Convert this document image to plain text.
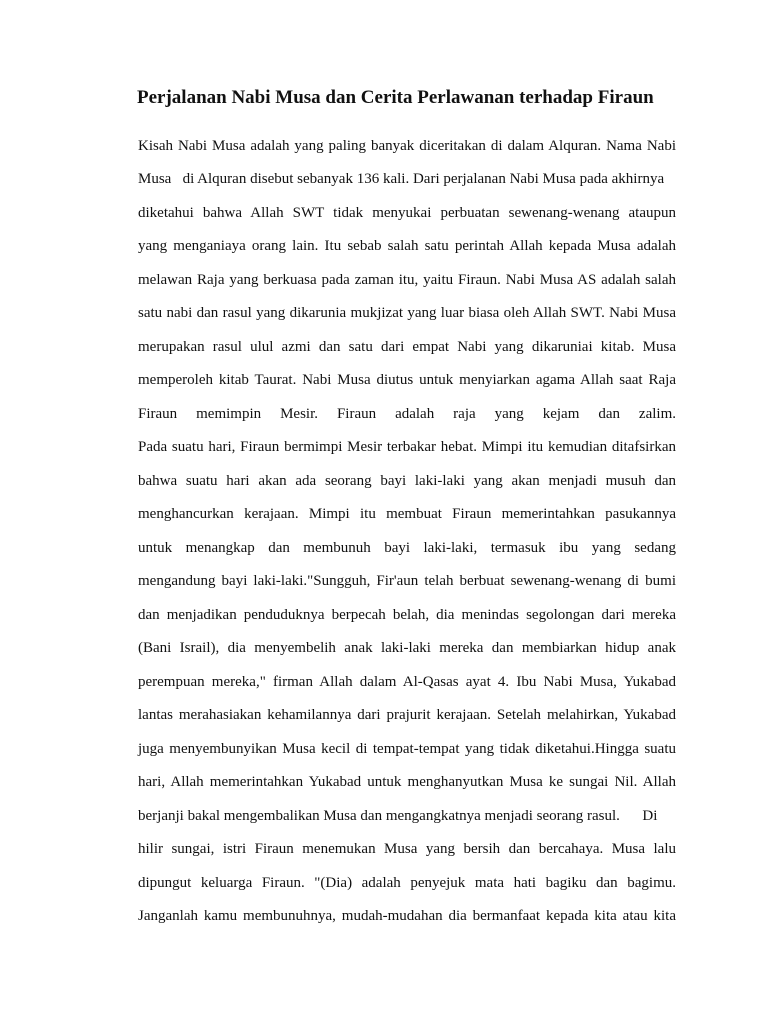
Perjalanan Nabi Musa dan Cerita Perlawanan terhadap Firaun
Kisah Nabi Musa adalah yang paling banyak diceritakan di dalam Alquran. Nama Nabi
Musa   di Alquran disebut sebanyak 136 kali. Dari perjalanan Nabi Musa pada akhirnya
diketahui bahwa Allah SWT tidak menyukai perbuatan sewenang-wenang ataupun
yang menganiaya orang lain. Itu sebab salah satu perintah Allah kepada Musa adalah
melawan Raja yang berkuasa pada zaman itu, yaitu Firaun. Nabi Musa AS adalah salah
satu nabi dan rasul yang dikarunia mukjizat yang luar biasa oleh Allah SWT. Nabi Musa
merupakan rasul ulul azmi dan satu dari empat Nabi yang dikaruniai kitab. Musa
memperoleh kitab Taurat. Nabi Musa diutus untuk menyiarkan agama Allah saat Raja
Firaun memimpin Mesir. Firaun adalah raja yang kejam dan zalim.
Pada suatu hari, Firaun bermimpi Mesir terbakar hebat. Mimpi itu kemudian ditafsirkan
bahwa suatu hari akan ada seorang bayi laki-laki yang akan menjadi musuh dan
menghancurkan kerajaan. Mimpi itu membuat Firaun memerintahkan pasukannya
untuk menangkap dan membunuh bayi laki-laki, termasuk ibu yang sedang
mengandung bayi laki-laki."Sungguh, Fir'aun telah berbuat sewenang-wenang di bumi
dan menjadikan penduduknya berpecah belah, dia menindas segolongan dari mereka
(Bani Israil), dia menyembelih anak laki-laki mereka dan membiarkan hidup anak
perempuan mereka," firman Allah dalam Al-Qasas ayat 4. Ibu Nabi Musa, Yukabad
lantas merahasiakan kehamilannya dari prajurit kerajaan. Setelah melahirkan, Yukabad
juga menyembunyikan Musa kecil di tempat-tempat yang tidak diketahui.Hingga suatu
hari, Allah memerintahkan Yukabad untuk menghanyutkan Musa ke sungai Nil. Allah
berjanji bakal mengembalikan Musa dan mengangkatnya menjadi seorang rasul.      Di
hilir sungai, istri Firaun menemukan Musa yang bersih dan bercahaya. Musa lalu
dipungut keluarga Firaun. "(Dia) adalah penyejuk mata hati bagiku dan bagimu.
Janganlah kamu membunuhnya, mudah-mudahan dia bermanfaat kepada kita atau kita
